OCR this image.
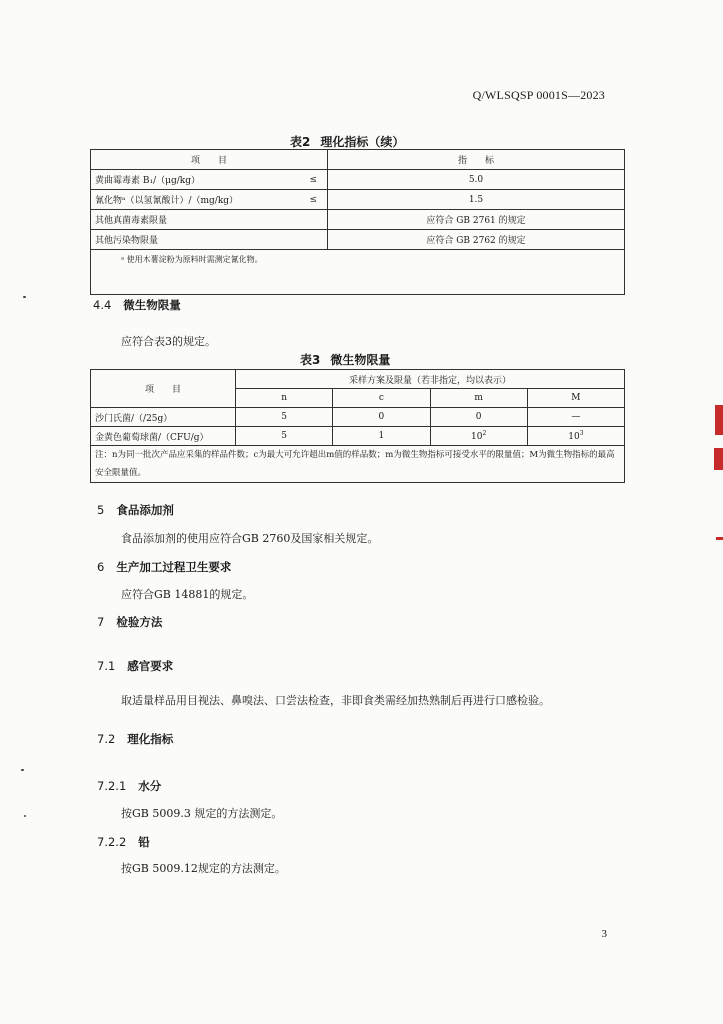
Q/WLSQSP 0001S—2023
表2 理化指标（续）
项　　目		指　　标
黄曲霉毒素 B₁/（μg/kg）	≤	5.0
氰化物ᵃ（以氢氰酸计）/（mg/kg）	≤	1.5
其他真菌毒素限量		应符合 GB 2761 的规定
其他污染物限量		应符合 GB 2762 的规定
ᵃ 使用木薯淀粉为原料时需测定氰化物。		
4.4 微生物限量
应符合表3的规定。
表3 微生物限量
项　　目	采样方案及限量（若非指定，均以表示）			
	n	c	m	M
沙门氏菌/（/25g）	5	0	0	—
金黄色葡萄球菌/（CFU/g）	5	1	$10^2$	$10^3$
注：n为同一批次产品应采集的样品件数；c为最大可允许超出m值的样品数；m为微生物指标可接受水平的限量值；M为微生物指标的最高安全限量值。				
5 食品添加剂
食品添加剂的使用应符合GB 2760及国家相关规定。
6 生产加工过程卫生要求
应符合GB 14881的规定。
7 检验方法
7.1 感官要求
取适量样品用目视法、鼻嗅法、口尝法检查，非即食类需经加热熟制后再进行口感检验。
7.2 理化指标
7.2.1 水分
按GB 5009.3 规定的方法测定。
7.2.2 铅
按GB 5009.12规定的方法测定。
3
